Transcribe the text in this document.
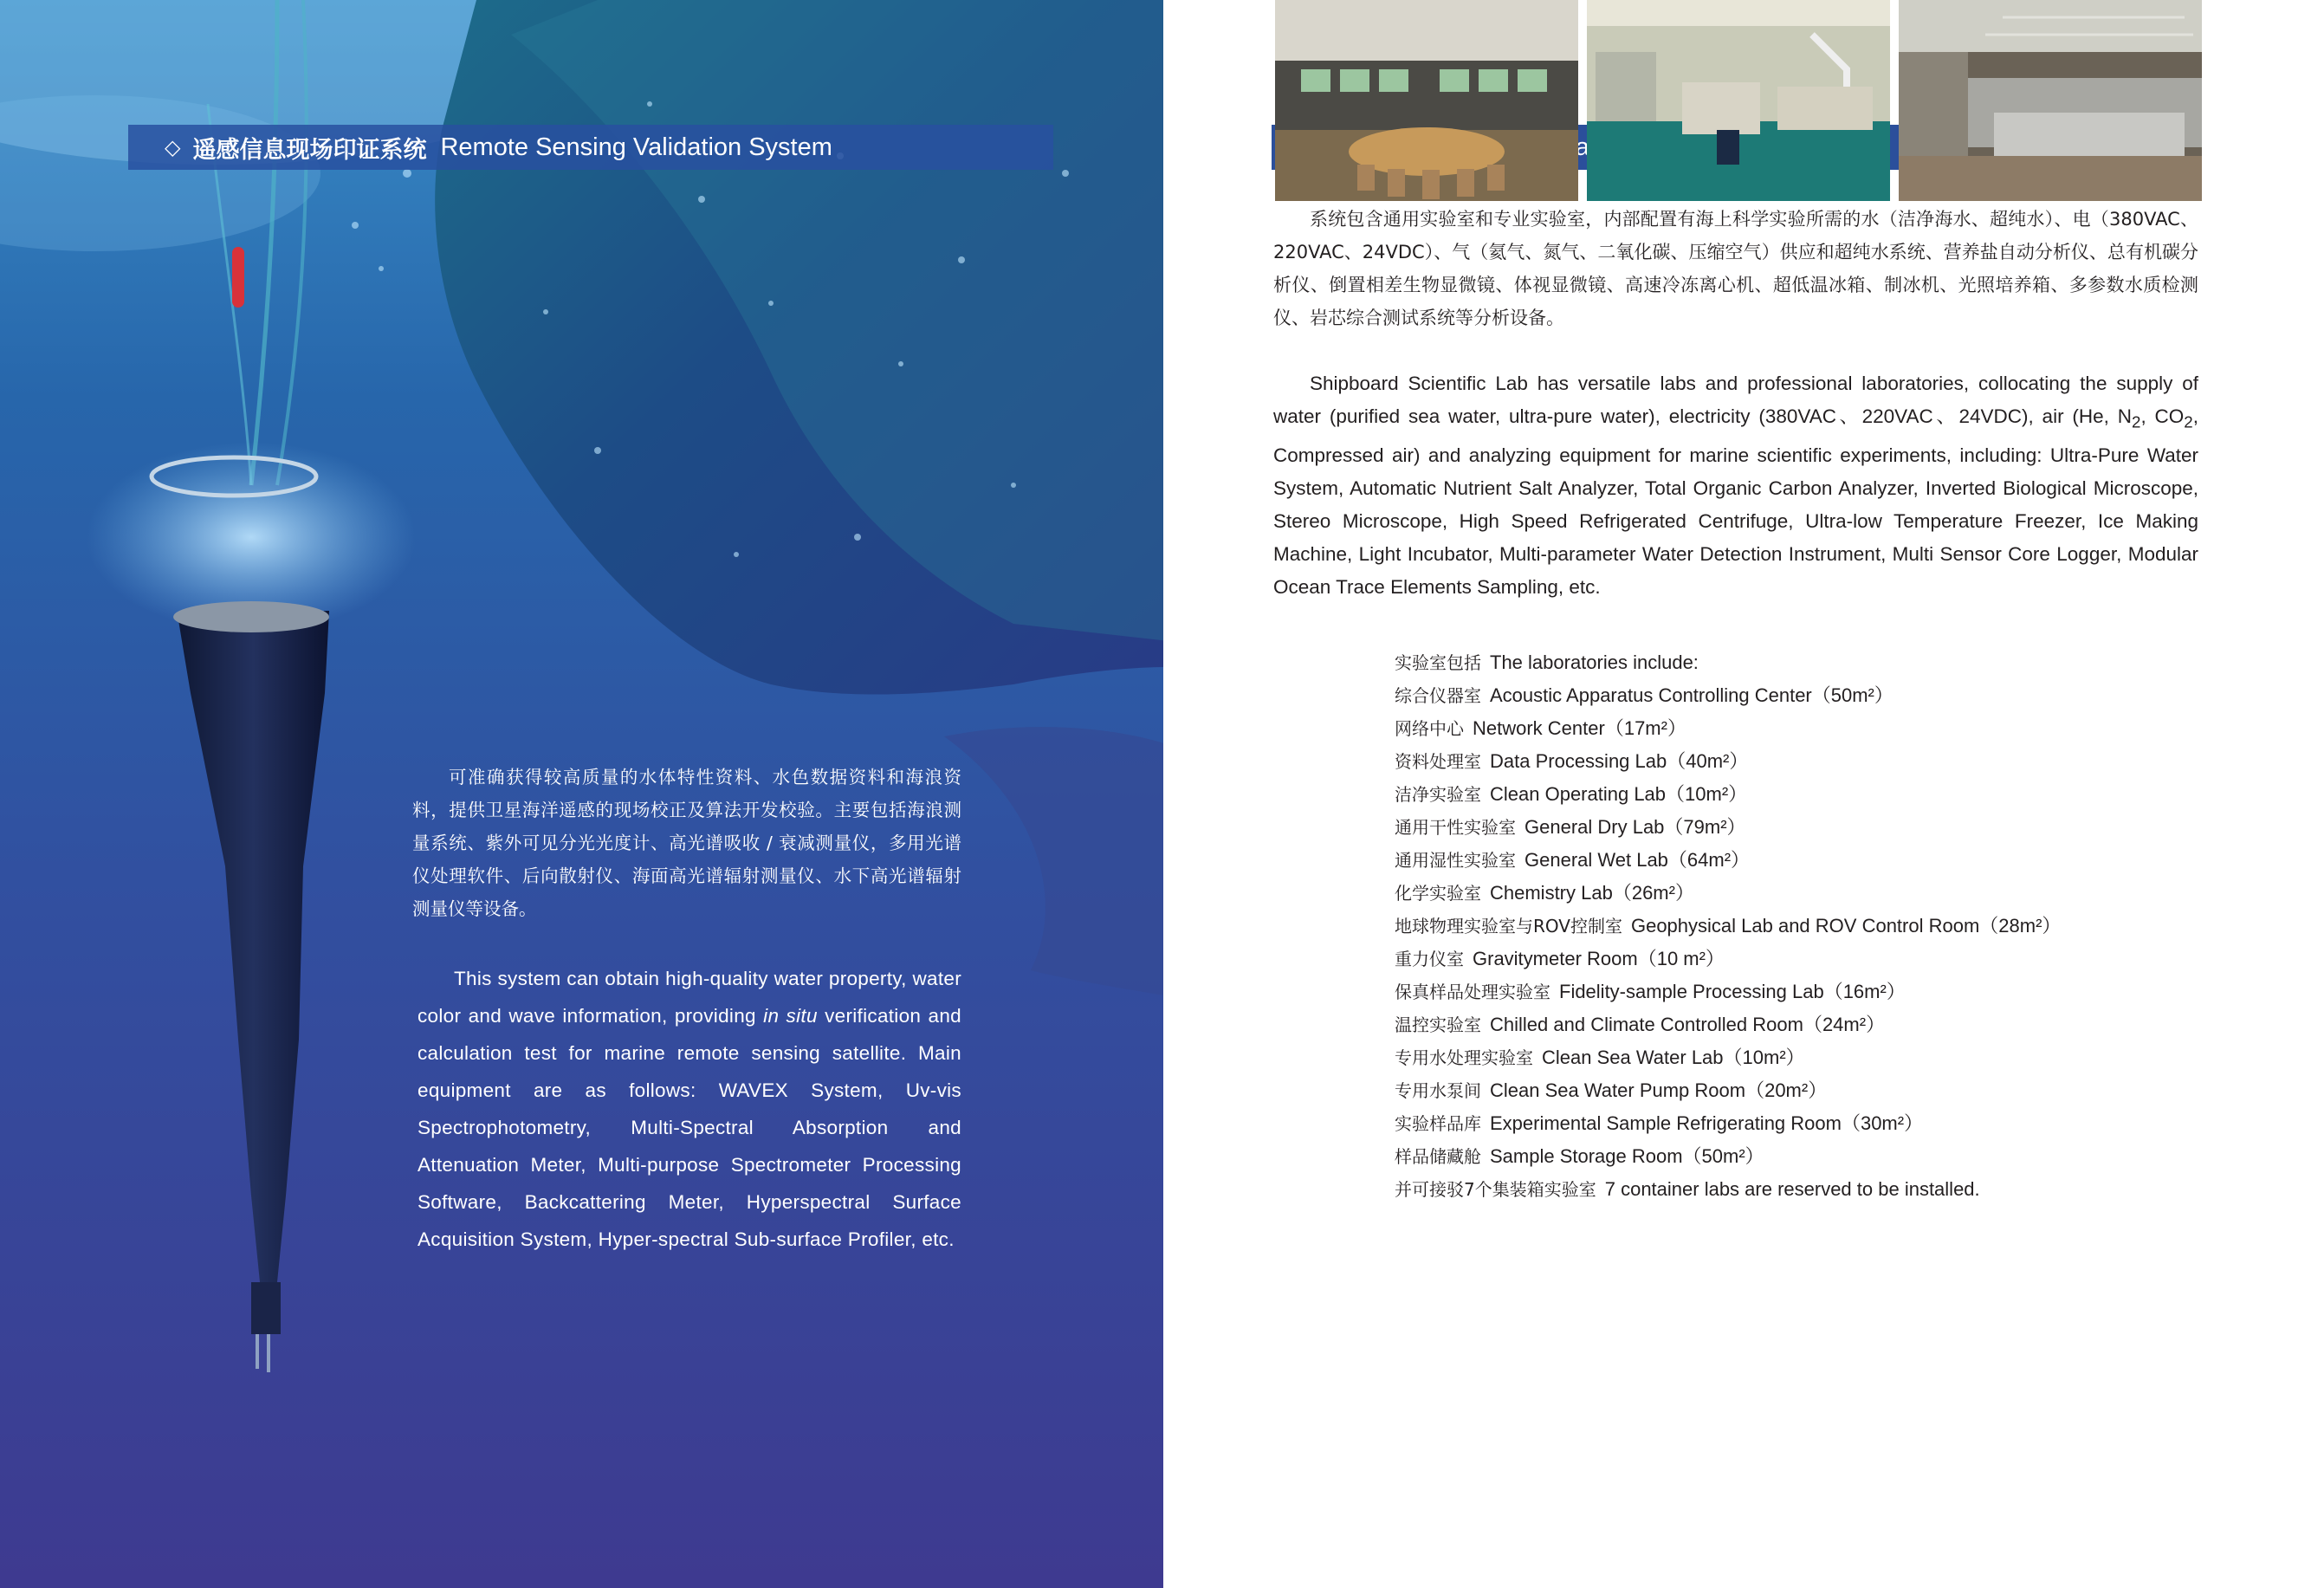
◇ 遥感信息现场印证系统 Remote Sensing Validation System

可准确获得较高质量的水体特性资料、水色数据资料和海浪资料，提供卫星海洋遥感的现场校正及算法开发校验。主要包括海浪测量系统、紫外可见分光光度计、高光谱吸收 / 衰减测量仪，多用光谱仪处理软件、后向散射仪、海面高光谱辐射测量仪、水下高光谱辐射测量仪等设备。

This system can obtain high-quality water property, water color and wave information, providing in situ verification and calculation test for marine remote sensing satellite. Main equipment are as follows: WAVEX System, Uv-vis Spectrophotometry, Multi-Spectral Absorption and Attenuation Meter, Multi-purpose Spectrometer Processing Software, Backcattering Meter, Hyperspectral Surface Acquisition System, Hyper-spectral Sub-surface Profiler, etc.

系统包含通用实验室和专业实验室，内部配置有海上科学实验所需的水（洁净海水、超纯水）、电（380VAC、220VAC、24VDC）、气（氦气、氮气、二氧化碳、压缩空气）供应和超纯水系统、营养盐自动分析仪、总有机碳分析仪、倒置相差生物显微镜、体视显微镜、高速冷冻离心机、超低温冰箱、制冰机、光照培养箱、多参数水质检测仪、岩芯综合测试系统等分析设备。

Shipboard Scientific Lab has versatile labs and professional laboratories, collocating the supply of water (purified sea water, ultra-pure water), electricity (380VAC、220VAC、24VDC), air (He, $N_2$, $CO_2$, Compressed air) and analyzing equipment for marine scientific experiments, including: Ultra-Pure Water System, Automatic Nutrient Salt Analyzer, Total Organic Carbon Analyzer, Inverted Biological Microscope, Stereo Microscope, High Speed Refrigerated Centrifuge, Ultra-low Temperature Freezer, Ice Making Machine, Light Incubator, Multi-parameter Water Detection Instrument, Multi Sensor Core Logger, Modular Ocean Trace Elements Sampling, etc.

实验室包括 The laboratories include:
综合仪器室 Acoustic Apparatus Controlling Center（50m²）
网络中心 Network Center（17m²）
资料处理室 Data Processing Lab（40m²）
洁净实验室 Clean Operating Lab（10m²）
通用干性实验室 General Dry Lab（79m²）
通用湿性实验室 General Wet Lab（64m²）
化学实验室 Chemistry Lab（26m²）
地球物理实验室与ROV控制室 Geophysical Lab and ROV Control Room（28m²）
重力仪室 Gravitymeter Room（10 m²）
保真样品处理实验室 Fidelity-sample Processing Lab（16m²）
温控实验室 Chilled and Climate Controlled Room（24m²）
专用水处理实验室 Clean Sea Water Lab（10m²）
专用水泵间 Clean Sea Water Pump Room（20m²）
实验样品库 Experimental Sample Refrigerating Room（30m²）
样品储藏舱 Sample Storage Room（50m²）
并可接驳7个集装箱实验室 7 container labs are reserved to be installed.
